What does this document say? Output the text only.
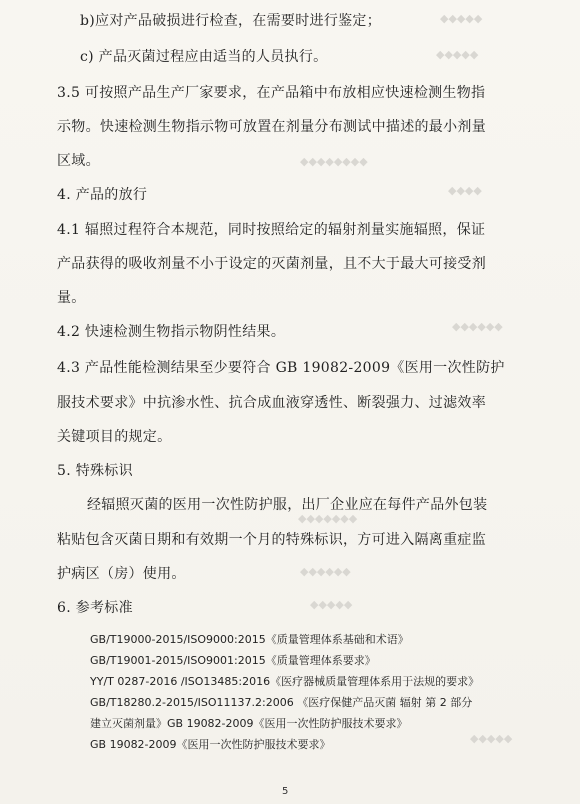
◆◆◆◆◆
◆◆◆◆◆
◆◆◆◆◆◆◆◆
◆◆◆◆
◆◆◆◆◆◆
◆◆◆◆◆◆◆
◆◆◆◆◆◆
◆◆◆◆◆
◆◆◆◆◆
b)应对产品破损进行检查，在需要时进行鉴定；
c) 产品灭菌过程应由适当的人员执行。
3.5 可按照产品生产厂家要求，在产品箱中布放相应快速检测生物指
示物。快速检测生物指示物可放置在剂量分布测试中描述的最小剂量
区域。
4. 产品的放行
4.1 辐照过程符合本规范，同时按照给定的辐射剂量实施辐照，保证
产品获得的吸收剂量不小于设定的灭菌剂量，且不大于最大可接受剂
量。
4.2 快速检测生物指示物阴性结果。
4.3 产品性能检测结果至少要符合 GB 19082-2009《医用一次性防护
服技术要求》中抗渗水性、抗合成血液穿透性、断裂强力、过滤效率
关键项目的规定。
5. 特殊标识
经辐照灭菌的医用一次性防护服，出厂企业应在每件产品外包装
粘贴包含灭菌日期和有效期一个月的特殊标识，方可进入隔离重症监
护病区（房）使用。
6. 参考标准
GB/T19000-2015/ISO9000:2015《质量管理体系基础和术语》
GB/T19001-2015/ISO9001:2015《质量管理体系要求》
YY/T 0287-2016 /ISO13485:2016《医疗器械质量管理体系用于法规的要求》
GB/T18280.2-2015/ISO11137.2:2006 《医疗保健产品灭菌 辐射 第 2 部分
建立灭菌剂量》GB 19082-2009《医用一次性防护服技术要求》
GB 19082-2009《医用一次性防护服技术要求》
5
